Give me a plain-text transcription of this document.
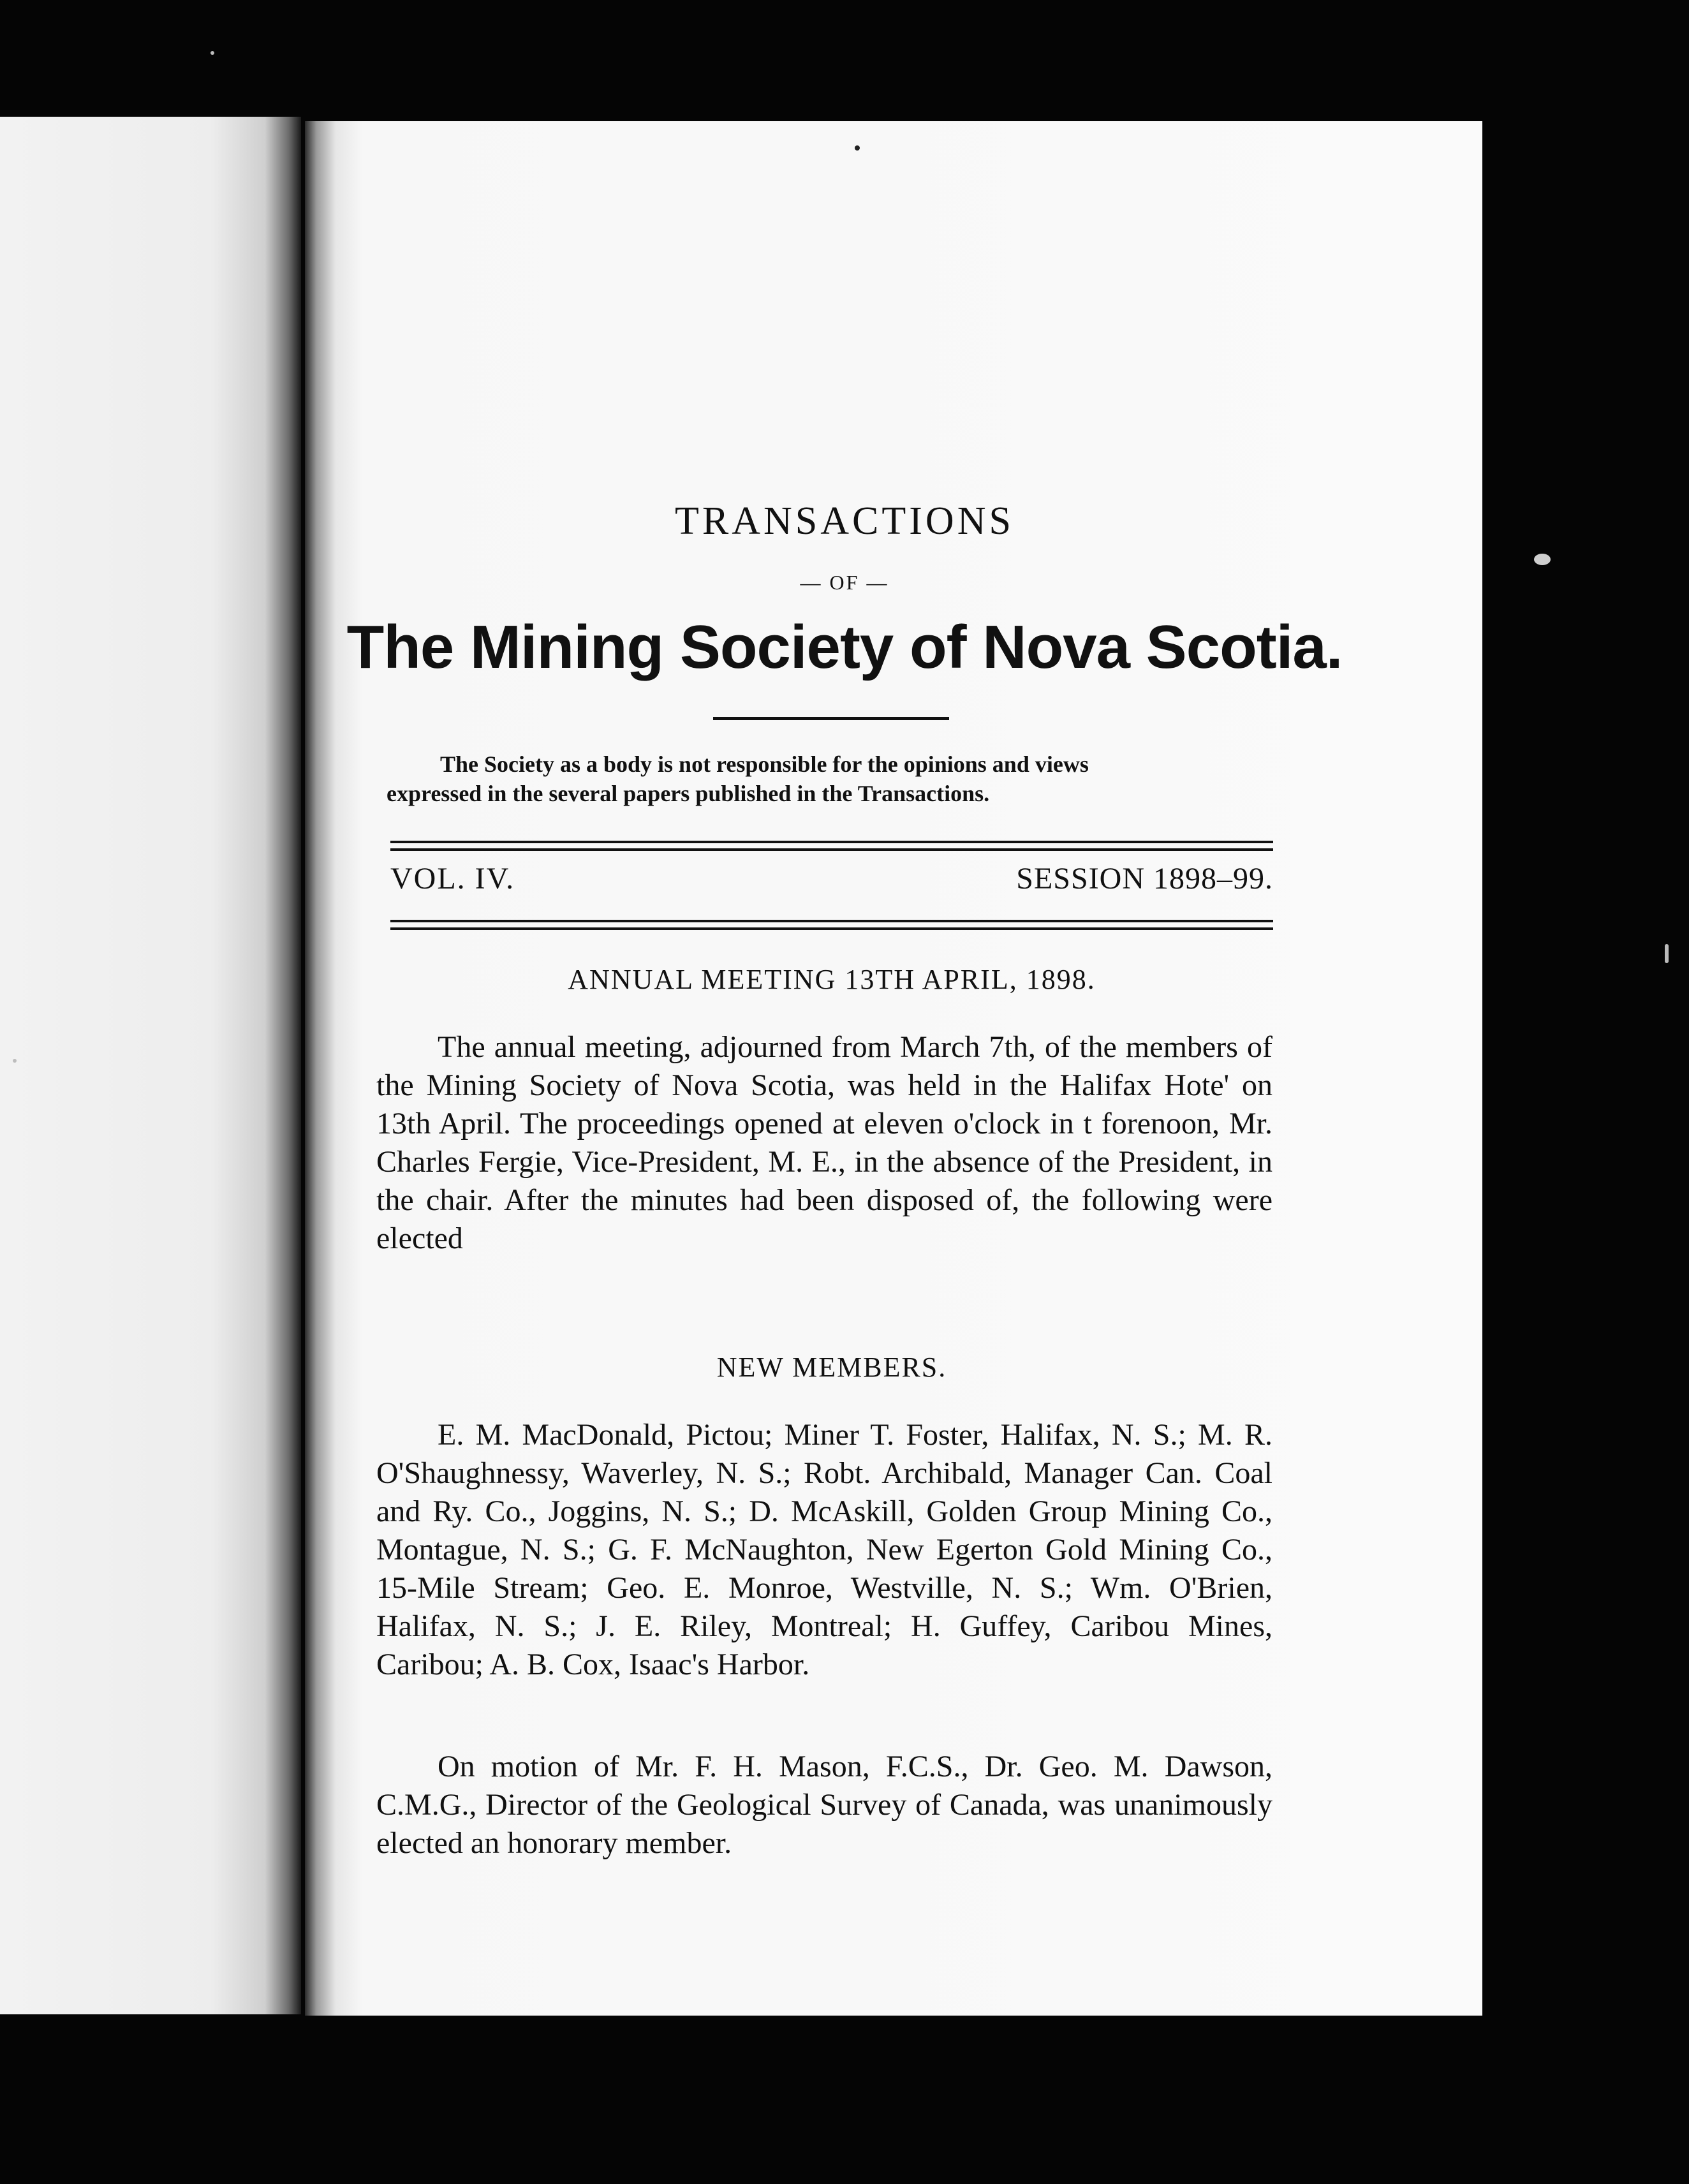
TRANSACTIONS
— OF —
The Mining Society of Nova Scotia.
The Society as a body is not responsible for the opinions and views
expressed in the several papers published in the Transactions.
VOL. IV.	SESSION 1898–99.
ANNUAL MEETING 13TH APRIL, 1898.
The annual meeting, adjourned from March 7th, of the members of the Mining Society of Nova Scotia, was held in the Halifax Hote' on 13th April. The proceedings opened at eleven o'clock in t forenoon, Mr. Charles Fergie, Vice-President, M. E., in the absence of the President, in the chair. After the minutes had been disposed of, the following were elected
NEW MEMBERS.
E. M. MacDonald, Pictou; Miner T. Foster, Halifax, N. S.; M. R. O'Shaughnessy, Waverley, N. S.; Robt. Archibald, Manager Can. Coal and Ry. Co., Joggins, N. S.; D. McAskill, Golden Group Mining Co., Montague, N. S.; G. F. McNaughton, New Egerton Gold Mining Co., 15-Mile Stream; Geo. E. Monroe, Westville, N. S.; Wm. O'Brien, Halifax, N. S.; J. E. Riley, Montreal; H. Guffey, Caribou Mines, Caribou; A. B. Cox, Isaac's Harbor.
On motion of Mr. F. H. Mason, F.C.S., Dr. Geo. M. Dawson, C.M.G., Director of the Geological Survey of Canada, was unanimously elected an honorary member.
